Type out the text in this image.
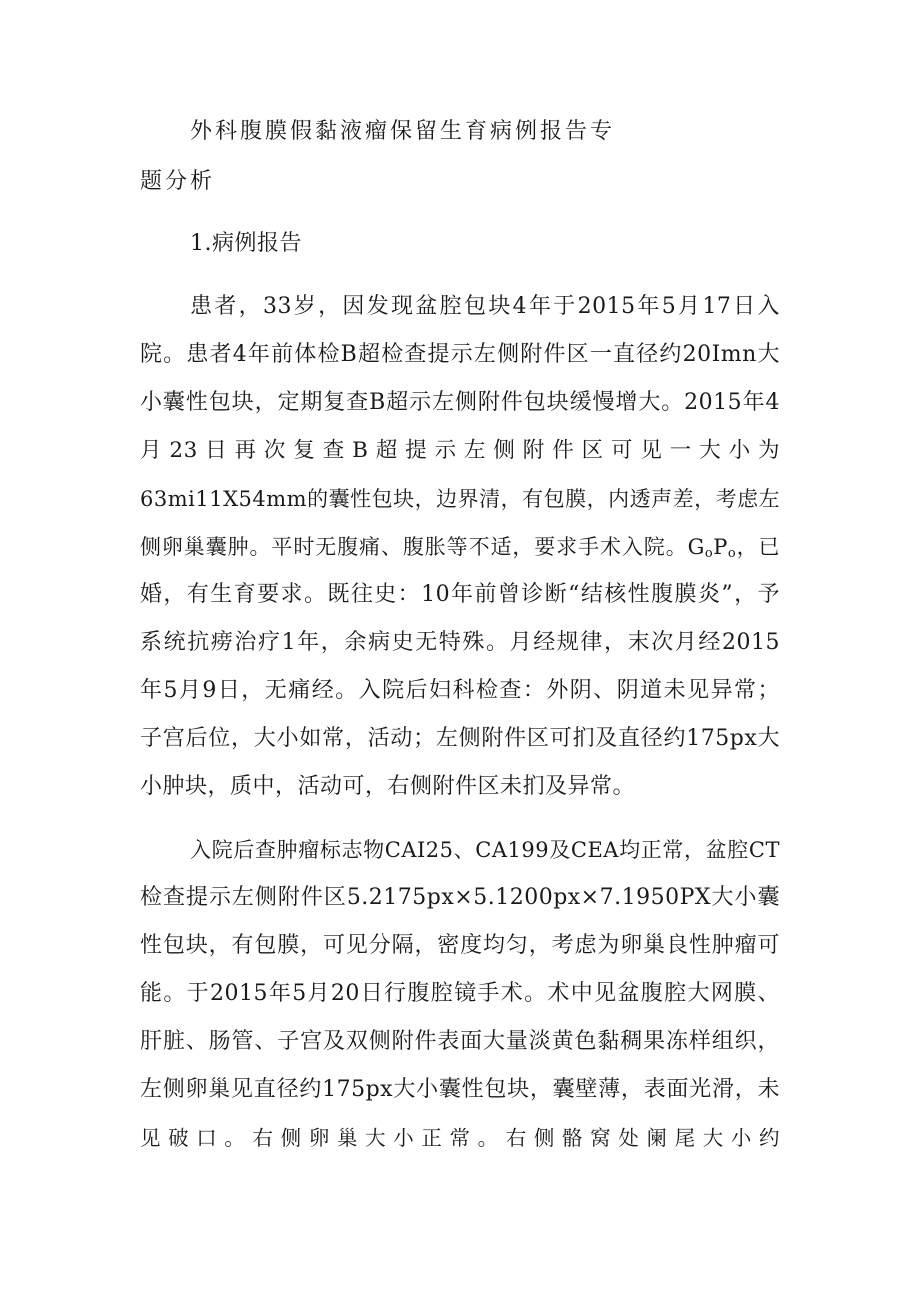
外科腹膜假黏液瘤保留生育病例报告专
题分析
1.病例报告
患者，33岁，因发现盆腔包块4年于2015年5月17日入
院。患者4年前体检B超检查提示左侧附件区一直径约20Imn大
小囊性包块，定期复查B超示左侧附件包块缓慢增大。2015年4
月 23 日 再 次 复 查 B 超 提 示 左 侧 附 件 区 可 见 一 大 小 为
63mi11X54mm的囊性包块，边界清，有包膜，内透声差，考虑左
侧卵巢囊肿。平时无腹痛、腹胀等不适，要求手术入院。$G_oP_o$，已
婚，有生育要求。既往史：10年前曾诊断“结核性腹膜炎”，予
系统抗痨治疗1年，余病史无特殊。月经规律，末次月经2015
年5月9日，无痛经。入院后妇科检查：外阴、阴道未见异常；
子宫后位，大小如常，活动；左侧附件区可扪及直径约175px大
小肿块，质中，活动可，右侧附件区未扪及异常。
入院后查肿瘤标志物CAI25、CA199及CEA均正常，盆腔CT
检查提示左侧附件区5.2175px×5.1200px×7.1950PX大小囊
性包块，有包膜，可见分隔，密度均匀，考虑为卵巢良性肿瘤可
能。于2015年5月20日行腹腔镜手术。术中见盆腹腔大网膜、
肝脏、肠管、子宫及双侧附件表面大量淡黄色黏稠果冻样组织，
左侧卵巢见直径约175px大小囊性包块，囊壁薄，表面光滑，未
见 破 口 。 右 侧 卵 巢 大 小 正 常 。 右 侧 骼 窝 处 阑 尾 大 小 约
